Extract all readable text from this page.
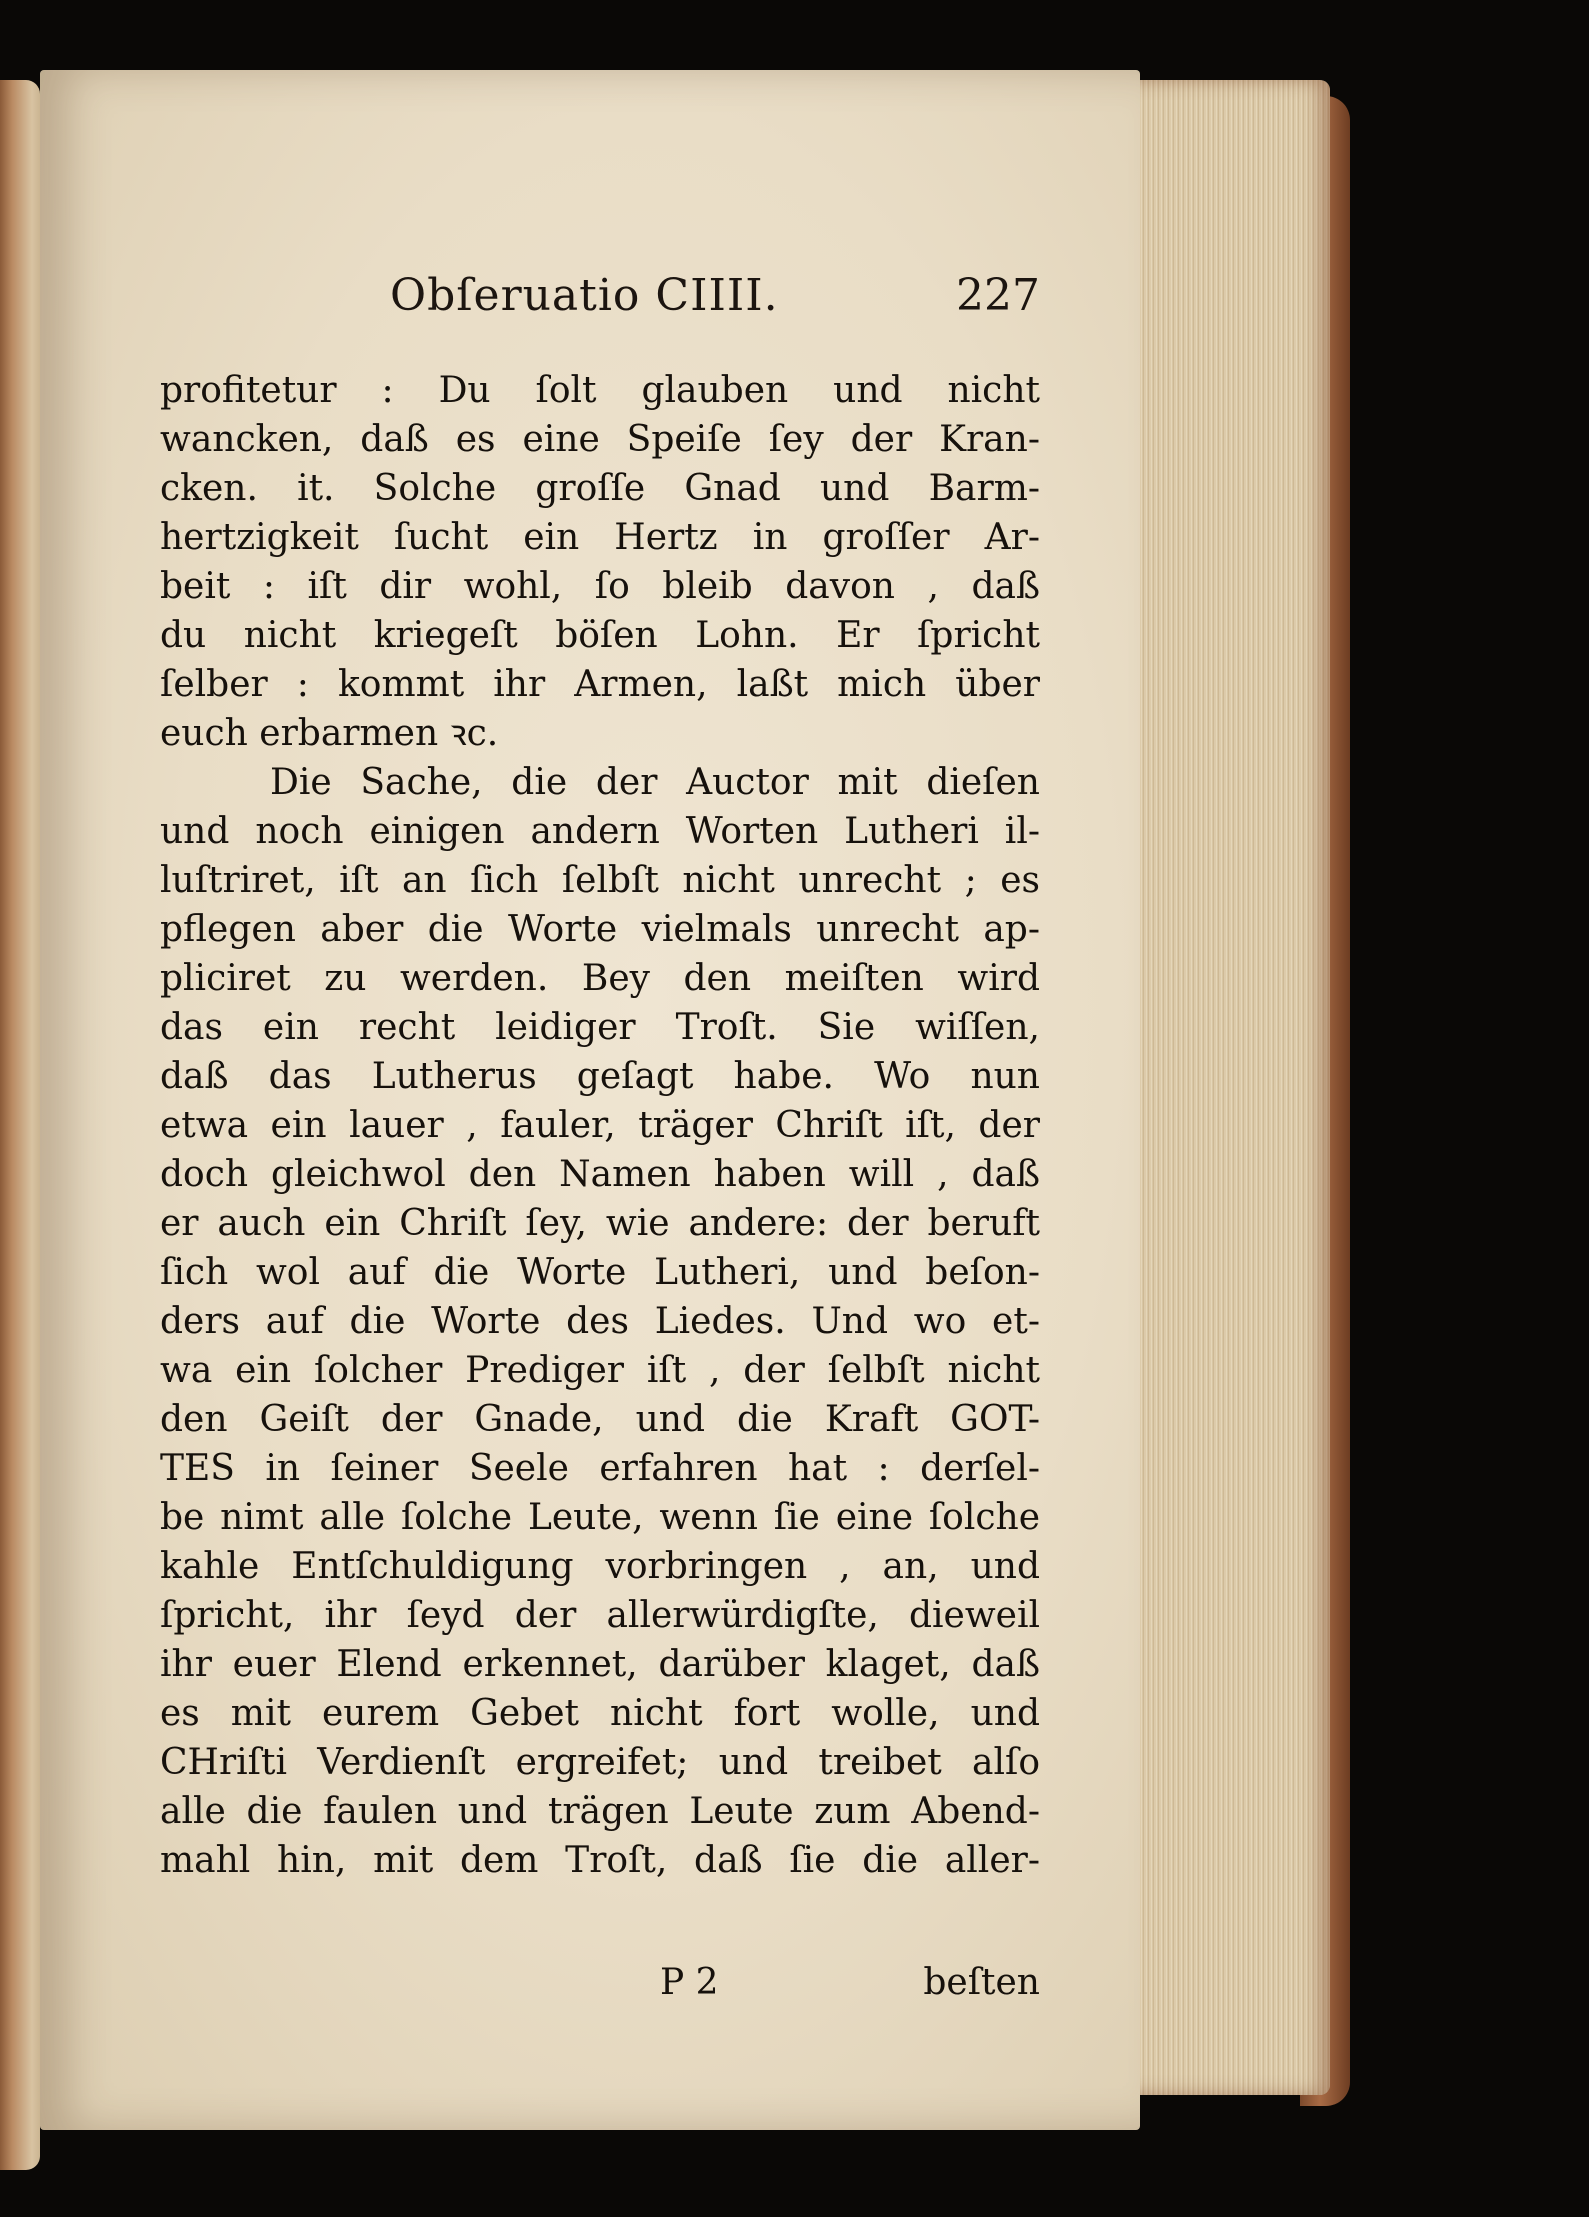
Obſeruatio CIIII.	227
profitetur : Du ſolt glauben und nicht
wancken, daß es eine Speiſe ſey der Kran-
cken. it. Solche groſſe Gnad und Barm-
hertzigkeit ſucht ein Hertz in groſſer Ar-
beit : iſt dir wohl, ſo bleib davon , daß
du nicht kriegeſt böſen Lohn. Er ſpricht
ſelber : kommt ihr Armen, laßt mich über
euch erbarmen ꝛc.
Die Sache, die der Auctor mit dieſen
und noch einigen andern Worten Lutheri il-
luſtriret, iſt an ſich ſelbſt nicht unrecht ; es
pflegen aber die Worte vielmals unrecht ap-
pliciret zu werden. Bey den meiſten wird
das ein recht leidiger Troſt. Sie wiſſen,
daß das Lutherus geſagt habe. Wo nun
etwa ein lauer , fauler, träger Chriſt iſt, der
doch gleichwol den Namen haben will , daß
er auch ein Chriſt ſey, wie andere: der beruft
ſich wol auf die Worte Lutheri, und beſon-
ders auf die Worte des Liedes. Und wo et-
wa ein ſolcher Prediger iſt , der ſelbſt nicht
den Geiſt der Gnade, und die Kraft GOT-
TES in ſeiner Seele erfahren hat : derſel-
be nimt alle ſolche Leute, wenn ſie eine ſolche
kahle Entſchuldigung vorbringen , an, und
ſpricht, ihr ſeyd der allerwürdigſte, dieweil
ihr euer Elend erkennet, darüber klaget, daß
es mit eurem Gebet nicht fort wolle, und
CHriſti Verdienſt ergreifet; und treibet alſo
alle die faulen und trägen Leute zum Abend-
mahl hin, mit dem Troſt, daß ſie die aller-
P 2	beſten
